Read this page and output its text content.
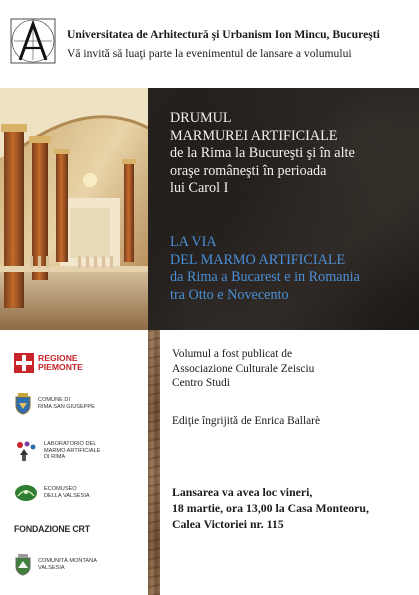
Universitatea de Arhitectură şi Urbanism Ion Mincu, Bucureşti
Vă invită să luaţi parte la evenimentul de lansare a volumului
DRUMUL
MARMUREI ARTIFICIALE
de la Rima la Bucureşti şi în alte
oraşe româneşti în perioada
lui Carol I
LA VIA
DEL MARMO ARTIFICIALE
da Rima a Bucarest e in Romania
tra Otto e Novecento
REGIONE
PIEMONTE
COMUNE DI
RIMA SAN GIUSEPPE
LABORATORIO DEL
MARMO ARTIFICIALE
DI RIMA
ECOMUSEO
DELLA VALSESIA
FONDAZIONE CRT
COMUNITÀ MONTANA
VALSESIA
Volumul a fost publicat de
Associazione Culturale Zeisciu
Centro Studi
Ediţie îngrijită de Enrica Ballarè
Lansarea va avea loc vineri,
18 martie, ora 13,00 la Casa Monteoru,
Calea Victoriei nr. 115
